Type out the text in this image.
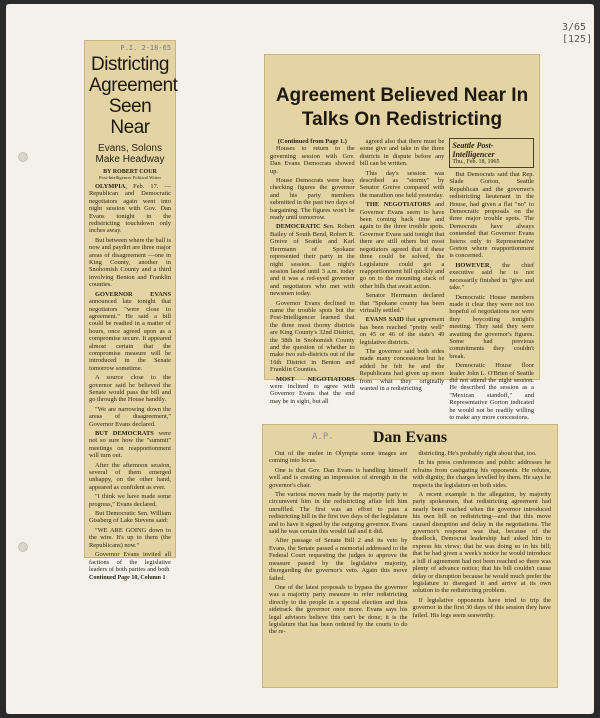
3/65
[125]
P.I. 2-18-65
Districting Agreement Seen Near
Evans, Solons Make Headway
BY ROBERT COUR
Post-Intelligencer Political Writer

OLYMPIA, Feb. 17. —Republican and Democratic negotiators again went into night session with Gov. Dan Evans tonight in the redistricting touchdown only inches away.

But between where the ball is now and paydirt are three major areas of disagreement —one in King County, another in Snohomish County and a third involving Benton and Franklin counties.

GOVERNOR EVANS announced late tonight that negotiators "were close to agreement." He said a bill could be readied in a matter of hours, once agreed upon as a compromise secure. It appeared almost certain that the compromise measure will be introduced in the Senate tomorrow sometime.

A source close to the governor said he believed the Senate would pass the bill and go through the House handily.

"We are narrowing down the areas of disagreement," Governor Evans declared.

BUT DEMOCRATS were not so sure how the "summit" meetings on reapportionment will turn out.

After the afternoon session, several of them emerged unhappy, on the other hand, appeared as confident as ever.

"I think we have made some progress," Evans declared.

But Democratic Sen. William Gissberg of Lake Stevens said:

"WE ARE GOING down to the wire. It's up to them (the Republicans) now."

Governor Evans invited all factions of the legislative leaders of both parties and both

Continued Page 10, Column 1
Agreement Believed Near In Talks On Redistricting
(Continued from Page 1.)

Houses to return to the governing session with Gov. Dan Evans Democrats showed up.

House Democrats were busy checking figures the governor and his party members submitted in the past two days of bargaining. The figures won't be ready until tomorrow.

DEMOCRATIC Sen. Robert Bailey of South Bend, Robert R. Greive of Seattle and Karl Herrmann of Spokane represented their party in the night session. Last night's session lasted until 3 a.m. today and it was a red-eyed governor and negotiators who met with newsmen today.

Governor Evans declined to name the trouble spots but the Post-Intelligencer learned that the three most thorny districts are King County's 32nd District, the 38th in Snohomish County and the question of whether to make two sub-districts out of the 16th District in Benton and Franklin Counties.

MOST NEGOTIATORS were inclined to agree with Governor Evans that the end may be in sight, but all

agreed also that there must be some give and take in the three districts in dispute before any bill can be written.

This day's session was described as "stormy" by Senator Greive compared with the marathon one held yesterday.

THE NEGOTIATORS and Governor Evans seem to have been coming back time and again to the three trouble spots. Governor Evans said tonight that there are still others but most negotiators agreed that if these three could be solved, the Legislature could get a reapportionment bill quickly and go on to the mounting stack of other bills that await action.

Senator Herrmann declared that "Spokane county has been virtually settled."

EVANS SAID that agreement has been reached "pretty well" on 45 or 46 of the state's 49 legislative districts.

The governor said both sides made many concessions but he added he felt he and the Republicans had given up more from what they originally wanted in a redistricting

Seattle Post-Intelligencer
Thu., Feb. 18, 1965

But Democrats said that Rep. Slade Gorton, Seattle Republican and the governor's redistricting lieutenant in the House, had given a flat "no" to Democratic proposals on the three major trouble spots. The Democrats have always contended that Governor Evans listens only to Representative Gorton where reapportionment is concerned.

HOWEVER, the chief executive said he is not necessarily finished in "give and take."

Democratic House members made it clear they were not too hopeful of negotiations nor were they boycotting tonight's meeting. They said they were awaiting the governor's figures. Some had previous commitments they couldn't break.

Democratic House floor leader John L. O'Brien of Seattle did not attend the night session. He described the session as a "Mexican standoff," and Representative Gorton indicated he would not be readily willing to make any more concessions.

A.P.	Dan Evans

Out of the melee in Olympia some images are coming into focus.

One is that Gov. Dan Evans is handling himself well and is creating an impression of strength in the governor's chair.

The various moves made by the majority party to circumvent him in the redistricting affair left him unruffled. The first was an effort to pass a redistricting bill in the first two days of the legislature and to have it signed by the outgoing governor. Evans said he was certain this would fail and it did.

After passage of Senate Bill 2 and its veto by Evans, the Senate passed a memorial addressed to the Federal Court requesting the judges to approve the measure passed by the legislative majority, disregarding the governor's veto. Again this move failed.

One of the latest proposals to bypass the governor was a majority party measure to refer redistricting directly to the people in a special election and thus sidetrack the governor once more. Evans says his legal advisors believe this can't be done; it is the legislature that has been ordered by the courts to do the re-

districting. He's probably right about that, too.

In his press conferences and public addresses he refrains from castigating his opponents. He refutes, with dignity, the charges levelled by them. He says he respects the legislators on both sides.

A recent example is the allegation, by majority party spokesmen, that redistricting agreement had nearly been reached when the governor introduced his own bill on redistricting—and that this move caused disruption and delay in the negotiations. The governor's response was that, because of the deadlock, Democrat leadership had asked him to express his views; that he was doing so in his bill; that he had given a week's notice he would introduce a bill if agreement had not been reached so there was plenty of advance notice; that his bill couldn't cause delay or disruption because he would much prefer the legislature to disregard it and arrive at its own solution to the redistricting problem.

If legislative opponents have tried to trip the governor in the first 30 days of this session they have failed. His legs seem seaworthy.
